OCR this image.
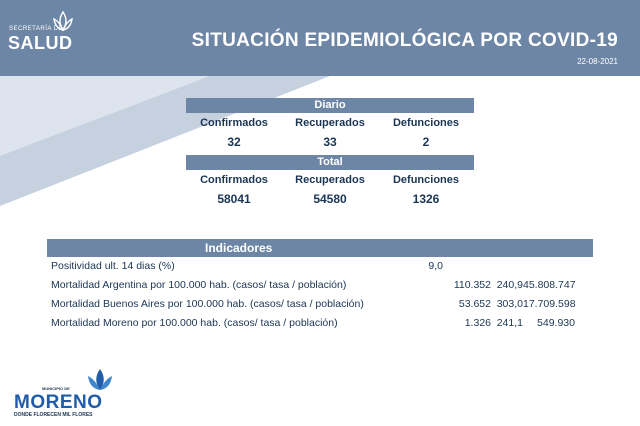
SECRETARÍA DE
SALUD	SITUACIÓN EPIDEMIOLÓGICA POR COVID-19
22-08-2021
Diario
Confirmados	Recuperados	Defunciones
32	33	2
Total
Confirmados	Recuperados	Defunciones
58041	54580	1326
Indicadores
Positividad ult. 14 dias (%)	9,0
Mortalidad Argentina por 100.000 hab. (casos/ tasa / población)	110.352 240,9 45.808.747
Mortalidad Buenos Aires por 100.000 hab. (casos/ tasa / población)	53.652 303,0 17.709.598
Mortalidad Moreno por 100.000 hab. (casos/ tasa / población)	1.326 241,1	549.930
MUNICIPIO DE
MORENO
DONDE FLORECEN MIL FLORES
